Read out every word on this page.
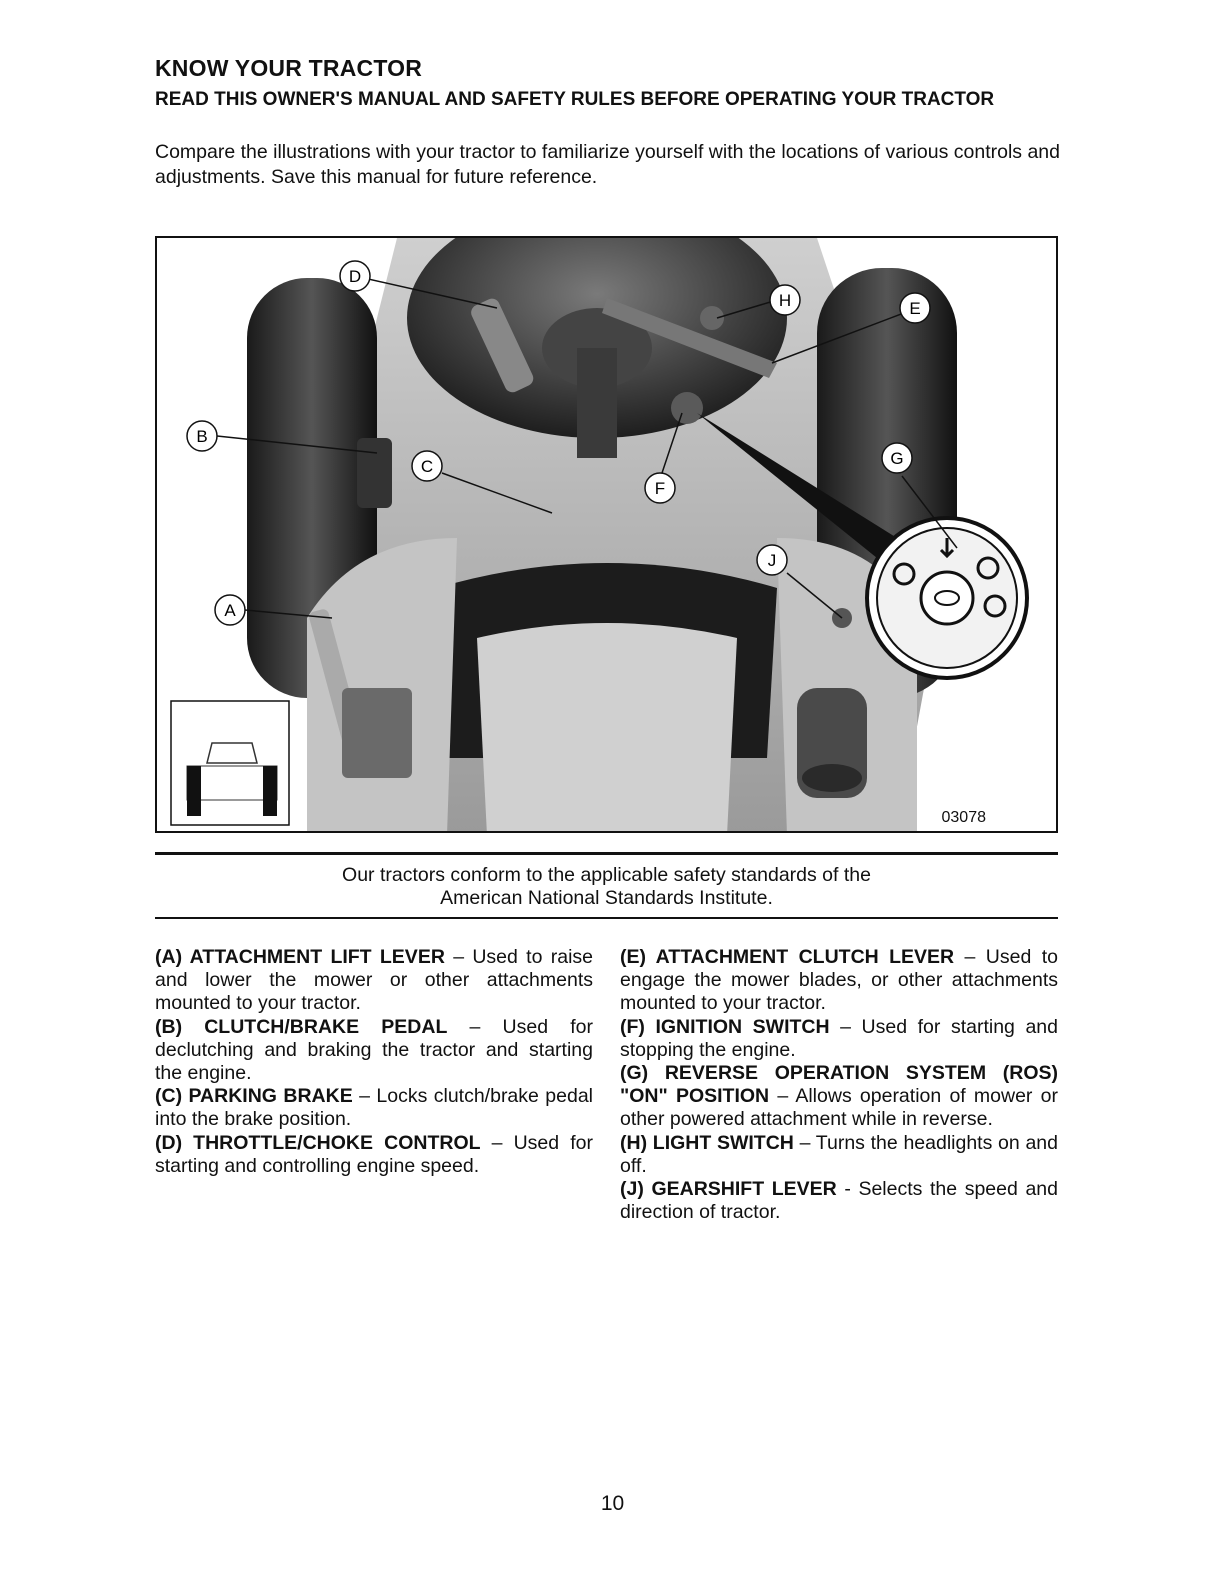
KNOW YOUR TRACTOR
READ THIS OWNER'S MANUAL AND SAFETY RULES BEFORE OPERATING YOUR TRACTOR
Compare the illustrations with your tractor to familiarize yourself with the locations of various controls and adjustments. Save this manual for future reference.
D
B
C
A
E
H
F
G
J
03078
Our tractors conform to the applicable safety standards of the
American National Standards Institute.

(A) ATTACHMENT LIFT LEVER – Used to raise and lower the mower or other attachments mounted to your tractor.

(B) CLUTCH/BRAKE PEDAL – Used for declutching and braking the tractor and starting the engine.

(C) PARKING BRAKE – Locks clutch/brake pedal into the brake position.

(D) THROTTLE/CHOKE CONTROL – Used for starting and controlling engine speed.

(E) ATTACHMENT CLUTCH LEVER – Used to engage the mower blades, or other attachments mounted to your tractor.

(F) IGNITION SWITCH – Used for starting and stopping the engine.

(G) REVERSE OPERATION SYSTEM (ROS) "ON" POSITION – Allows operation of mower or other powered attachment while in reverse.

(H) LIGHT SWITCH – Turns the headlights on and off.

(J) GEARSHIFT LEVER - Selects the speed and direction of tractor.

10
